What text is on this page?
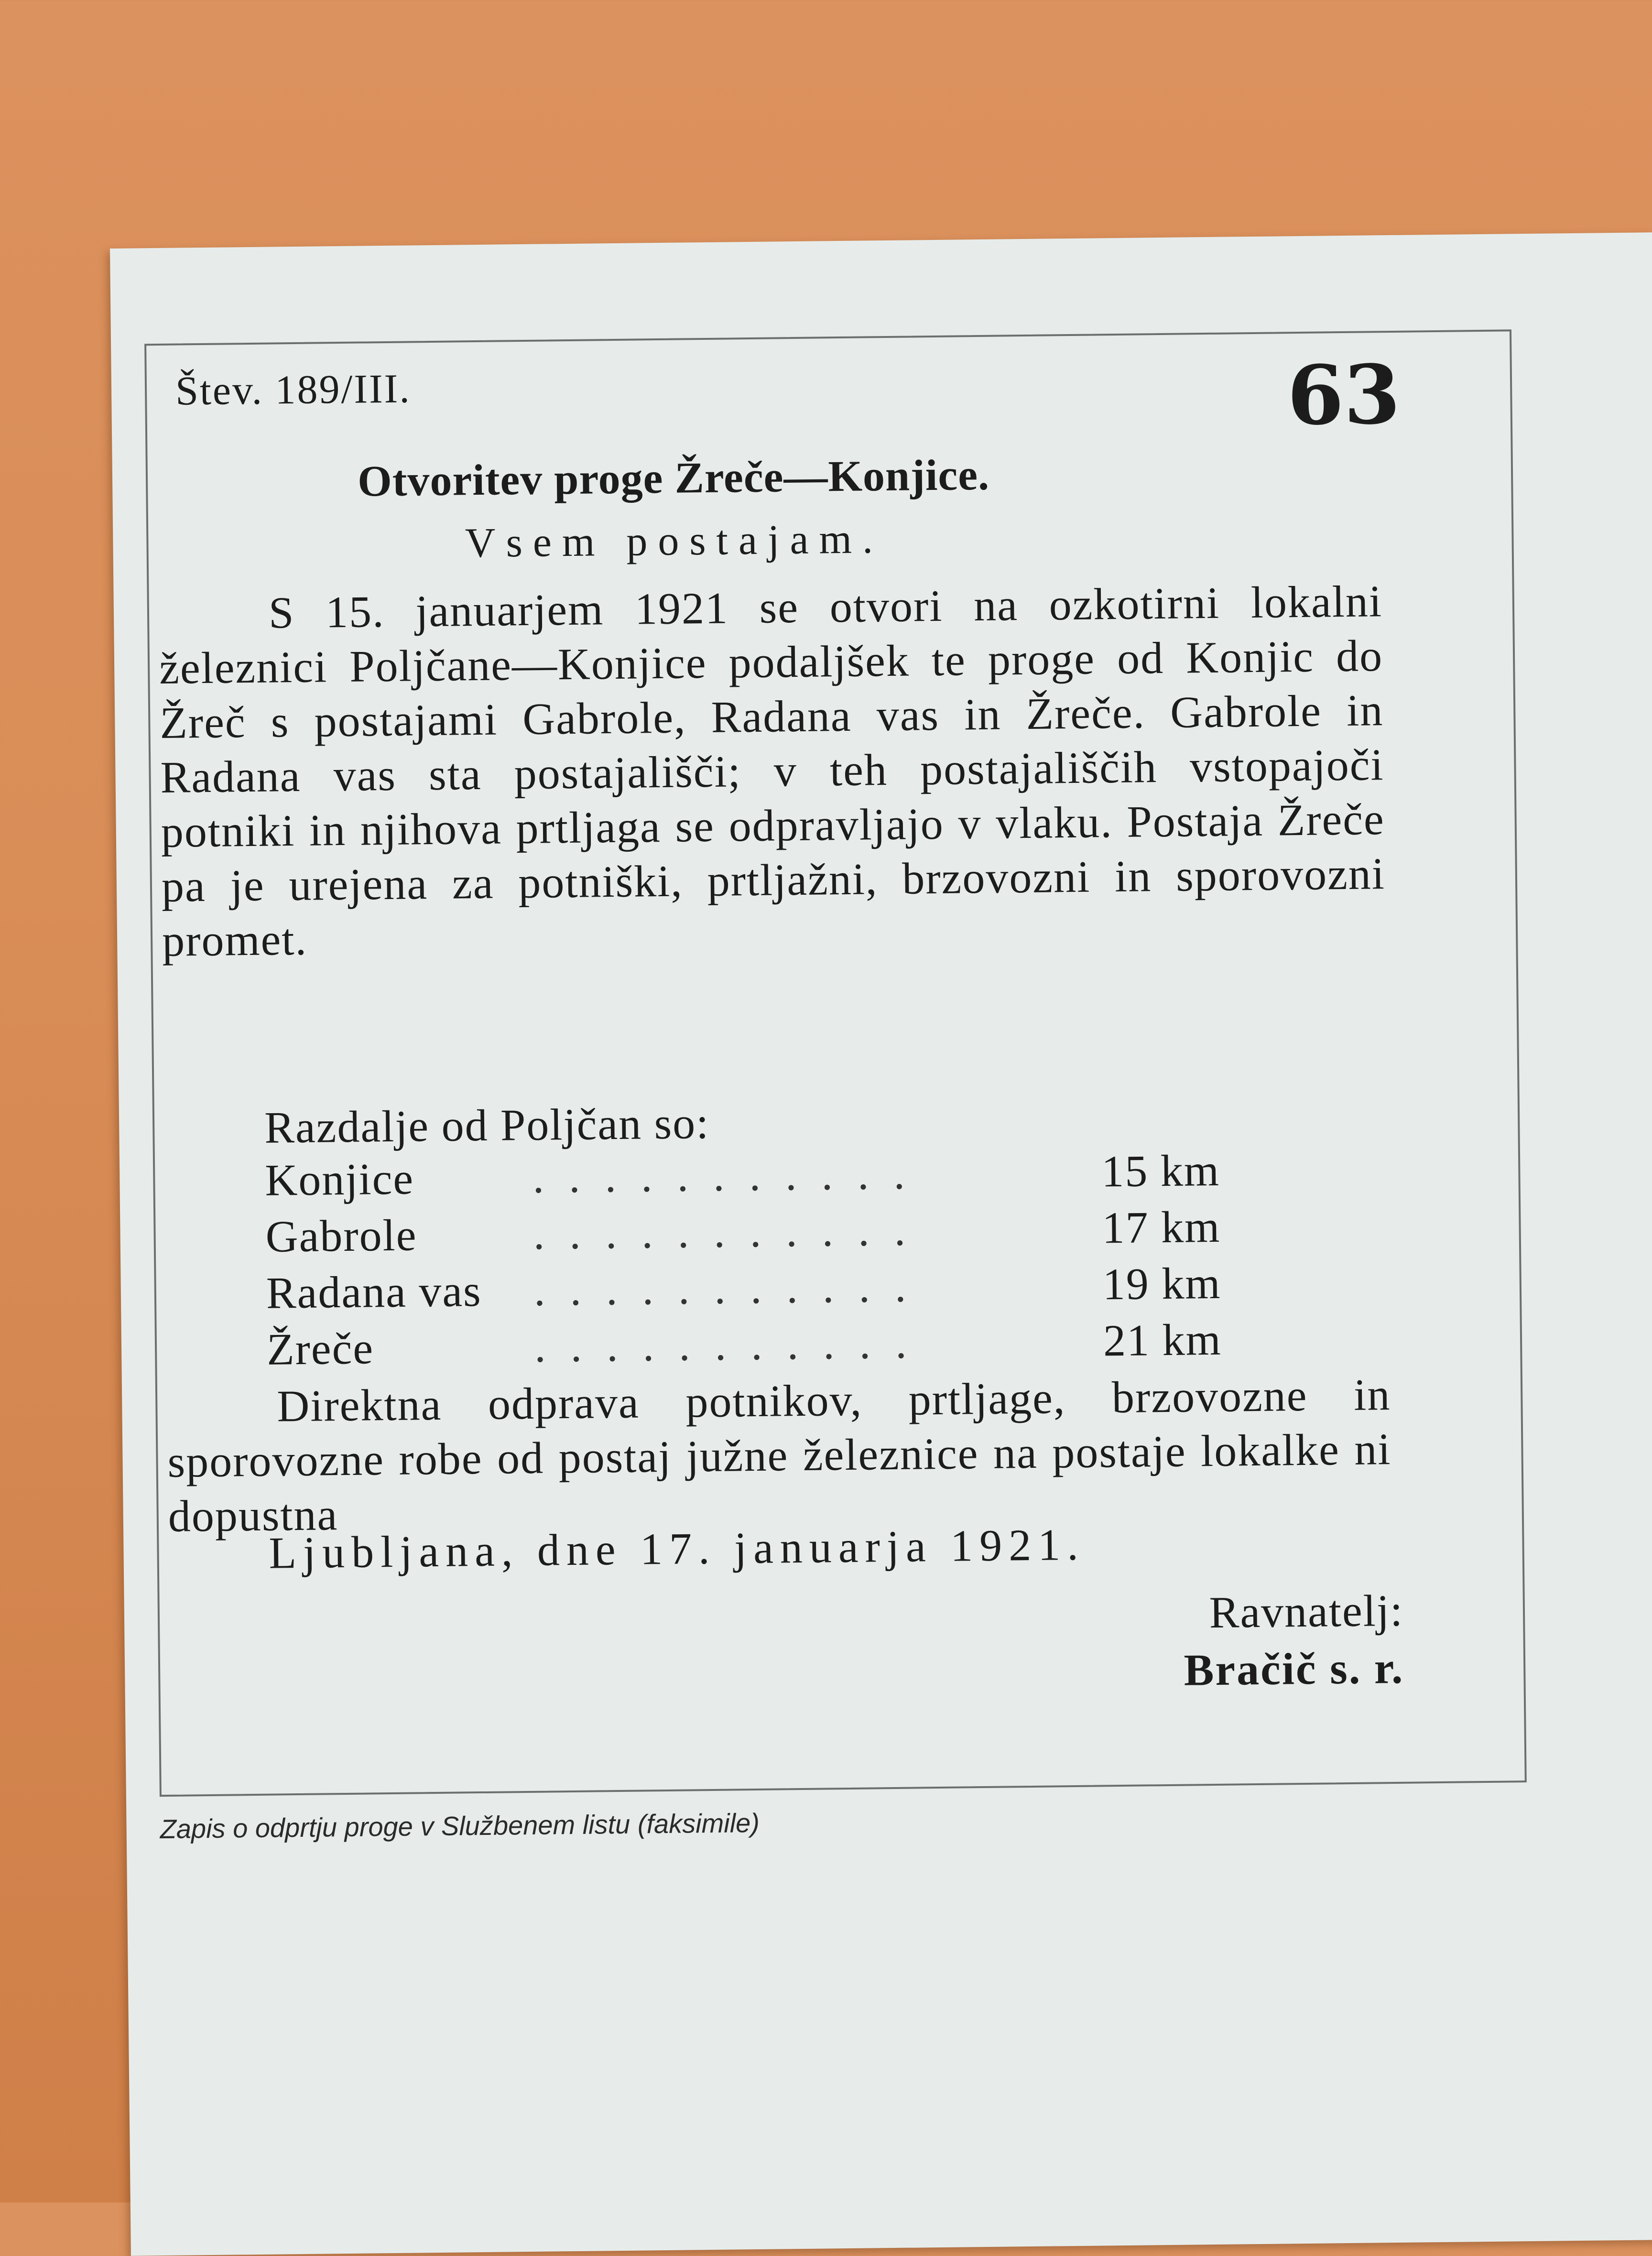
Štev. 189/III.	63
Otvoritev proge Žreče—Konjice.
Vsem postajam.
S 15. januarjem 1921 se otvori na ozkotirni lokalni železnici Poljčane—Konjice podaljšek te proge od Konjic do Žreč s postajami Gabrole, Radana vas in Žreče. Gabrole in Radana vas sta postajališči; v teh postajališčih vstopajoči potniki in njihova prtljaga se odpravljajo v vlaku. Postaja Žreče pa je urejena za potniški, prtljažni, brzovozni in sporovozni promet.
Razdalje od Poljčan so:
Konjice	...........	15 km
Gabrole	...........	17 km
Radana vas	...........	19 km
Žreče	...........	21 km
Direktna odprava potnikov, prtljage, brzovozne in sporovozne robe od postaj južne železnice na postaje lokalke ni dopustna
Ljubljana, dne 17. januarja 1921.
Ravnatelj:
Bračič s. r.
Zapis o odprtju proge v Službenem listu (faksimile)
